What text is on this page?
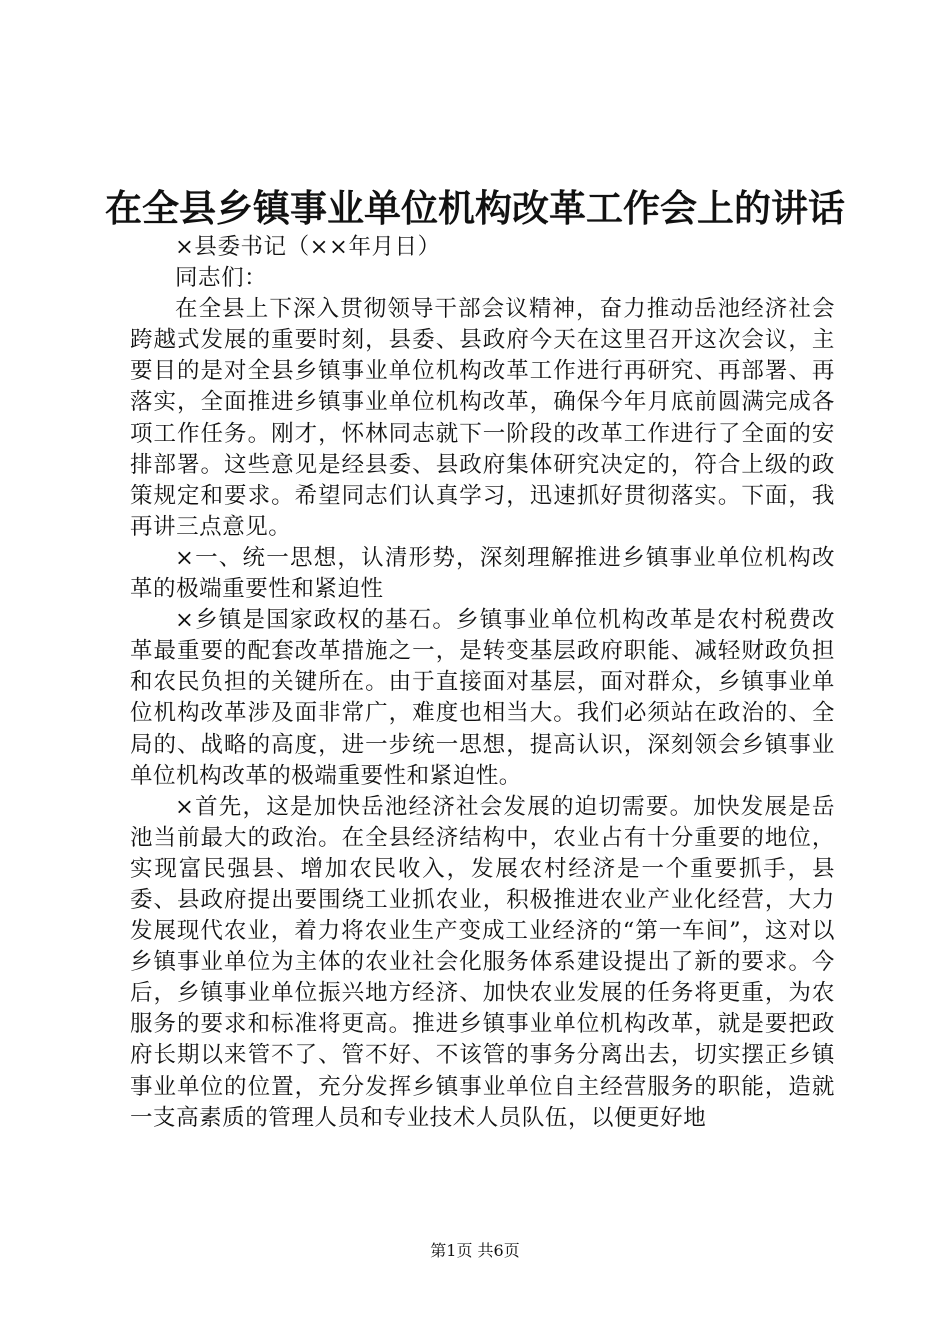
在全县乡镇事业单位机构改革工作会上的讲话

×县委书记（××年月日）

同志们：

在全县上下深入贯彻领导干部会议精神，奋力推动岳池经济社会跨越式发展的重要时刻，县委、县政府今天在这里召开这次会议，主要目的是对全县乡镇事业单位机构改革工作进行再研究、再部署、再落实，全面推进乡镇事业单位机构改革，确保今年月底前圆满完成各项工作任务。刚才，怀林同志就下一阶段的改革工作进行了全面的安排部署。这些意见是经县委、县政府集体研究决定的，符合上级的政策规定和要求。希望同志们认真学习，迅速抓好贯彻落实。下面，我再讲三点意见。

×一、统一思想，认清形势，深刻理解推进乡镇事业单位机构改革的极端重要性和紧迫性

×乡镇是国家政权的基石。乡镇事业单位机构改革是农村税费改革最重要的配套改革措施之一，是转变基层政府职能、减轻财政负担和农民负担的关键所在。由于直接面对基层，面对群众，乡镇事业单位机构改革涉及面非常广，难度也相当大。我们必须站在政治的、全局的、战略的高度，进一步统一思想，提高认识，深刻领会乡镇事业单位机构改革的极端重要性和紧迫性。

×首先，这是加快岳池经济社会发展的迫切需要。加快发展是岳池当前最大的政治。在全县经济结构中，农业占有十分重要的地位，实现富民强县、增加农民收入，发展农村经济是一个重要抓手，县委、县政府提出要围绕工业抓农业，积极推进农业产业化经营，大力发展现代农业，着力将农业生产变成工业经济的“第一车间”，这对以乡镇事业单位为主体的农业社会化服务体系建设提出了新的要求。今后，乡镇事业单位振兴地方经济、加快农业发展的任务将更重，为农服务的要求和标准将更高。推进乡镇事业单位机构改革，就是要把政府长期以来管不了、管不好、不该管的事务分离出去，切实摆正乡镇事业单位的位置，充分发挥乡镇事业单位自主经营服务的职能，造就一支高素质的管理人员和专业技术人员队伍，以便更好地

第1页 共6页
